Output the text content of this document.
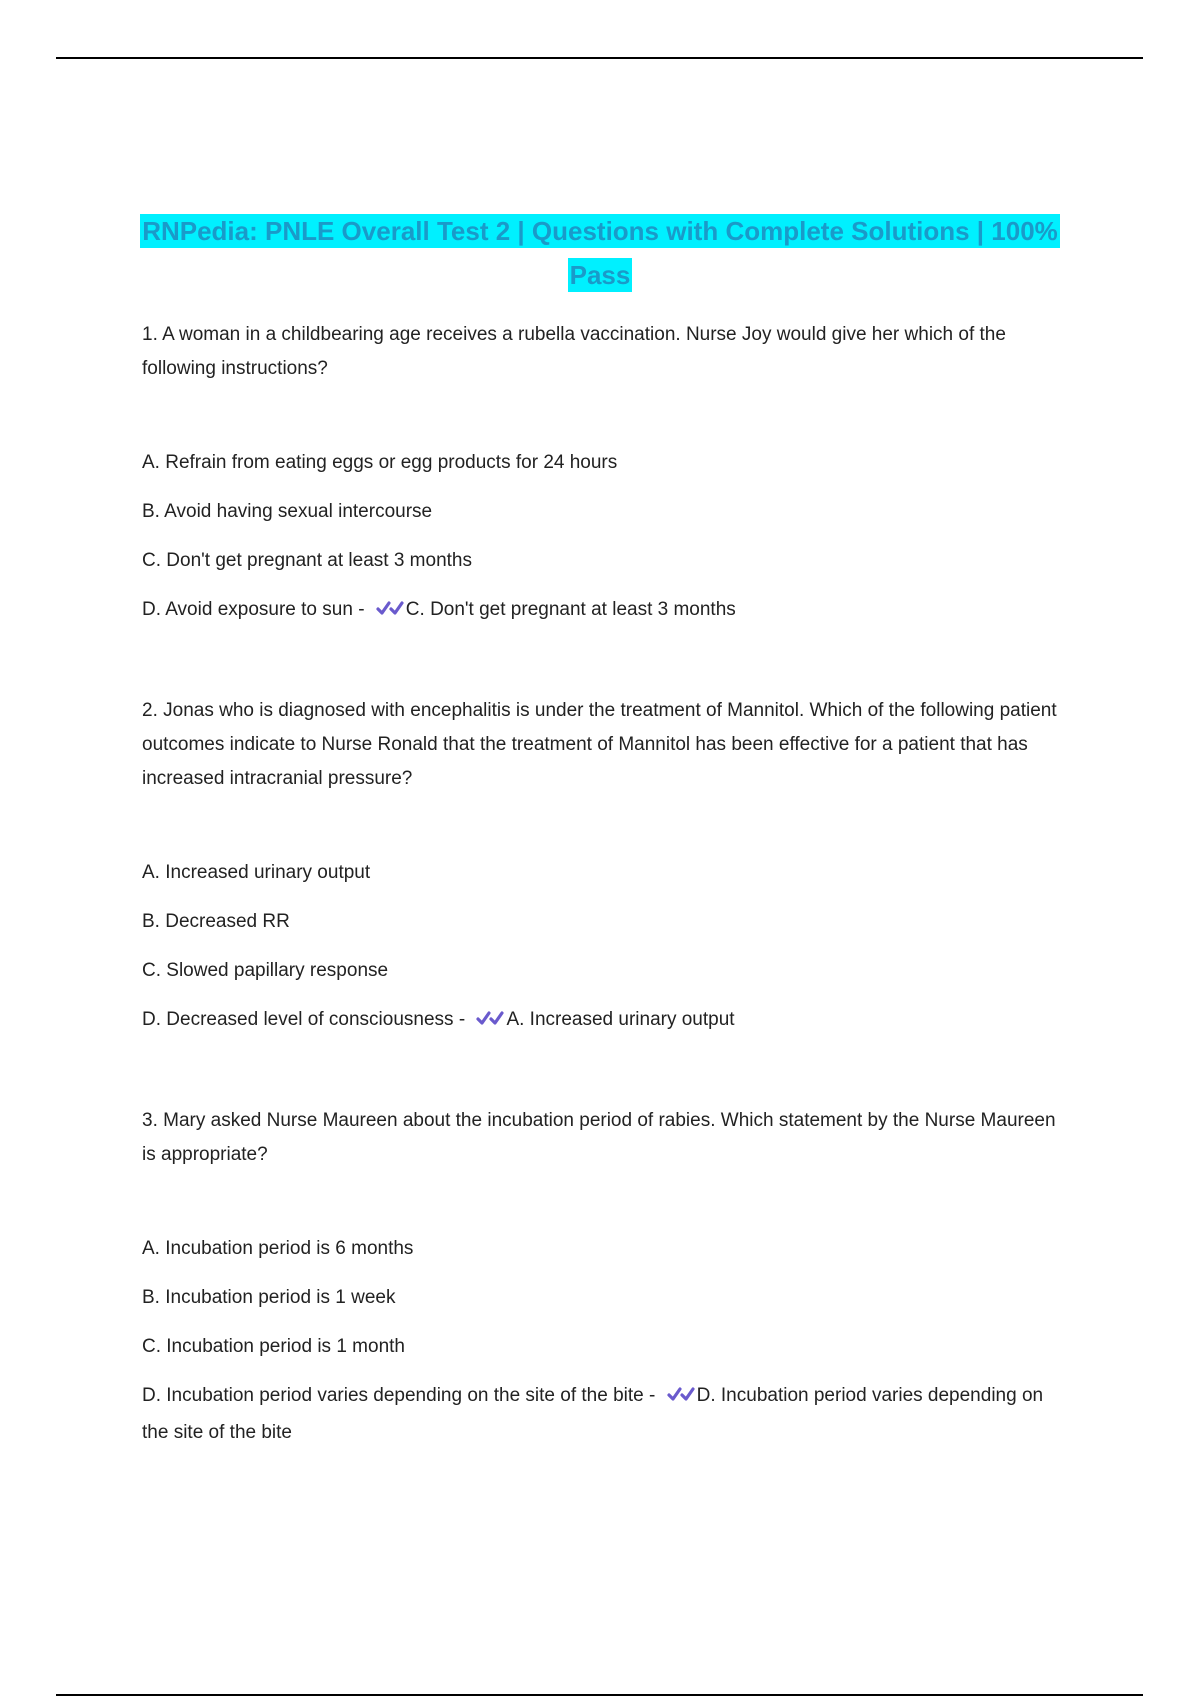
RNPedia: PNLE Overall Test 2 | Questions with Complete Solutions | 100% Pass
1. A woman in a childbearing age receives a rubella vaccination. Nurse Joy would give her which of the following instructions?
A. Refrain from eating eggs or egg products for 24 hours
B. Avoid having sexual intercourse
C. Don't get pregnant at least 3 months
D. Avoid exposure to sun - C. Don't get pregnant at least 3 months
2. Jonas who is diagnosed with encephalitis is under the treatment of Mannitol. Which of the following patient outcomes indicate to Nurse Ronald that the treatment of Mannitol has been effective for a patient that has increased intracranial pressure?
A. Increased urinary output
B. Decreased RR
C. Slowed papillary response
D. Decreased level of consciousness - A. Increased urinary output
3. Mary asked Nurse Maureen about the incubation period of rabies. Which statement by the Nurse Maureen is appropriate?
A. Incubation period is 6 months
B. Incubation period is 1 week
C. Incubation period is 1 month
D. Incubation period varies depending on the site of the bite - D. Incubation period varies depending on the site of the bite
